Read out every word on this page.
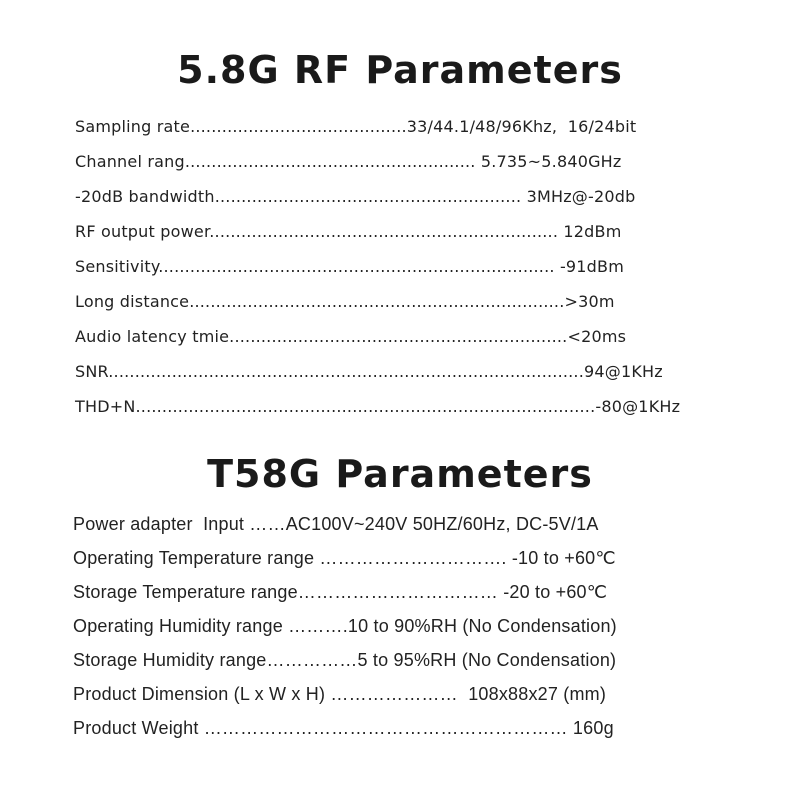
5.8G RF Parameters
Sampling rate.........................................33/44.1/48/96Khz,  16/24bit
Channel rang....................................................... 5.735~5.840GHz
-20dB bandwidth.......................................................... 3MHz@-20db
RF output power.................................................................. 12dBm
Sensitivity........................................................................... -91dBm
Long distance.......................................................................>30m
Audio latency tmie................................................................<20ms
SNR..........................................................................................94@1KHz
THD+N.......................................................................................-80@1KHz
T58G Parameters
Power adapter  Input ……AC100V~240V 50HZ/60Hz, DC-5V/1A
Operating Temperature range …………………………. -10 to +60℃
Storage Temperature range…………………………… -20 to +60℃
Operating Humidity range ……….10 to 90%RH (No Condensation)
Storage Humidity range……………5 to 95%RH (No Condensation)
Product Dimension (L x W x H) …………………  108x88x27 (mm)
Product Weight …………………………………………………… 160g
